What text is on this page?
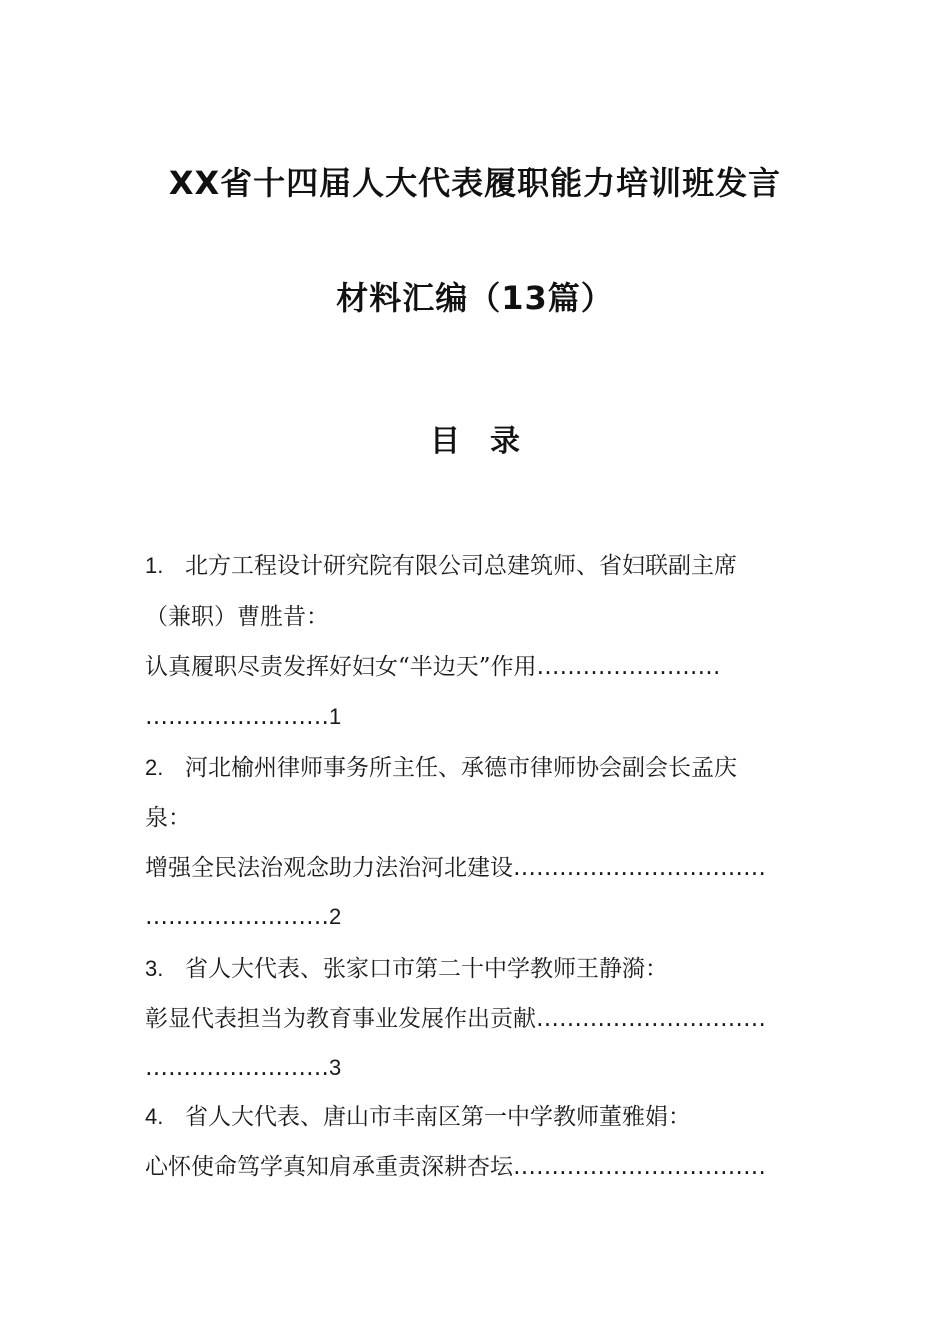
XX省十四届人大代表履职能力培训班发言
材料汇编（13篇）
目 录
1. 北方工程设计研究院有限公司总建筑师、省妇联副主席
（兼职）曹胜昔：
认真履职尽责发挥好妇女“半边天”作用……………………
……………………1
2. 河北榆州律师事务所主任、承德市律师协会副会长孟庆
泉：
增强全民法治观念助力法治河北建设……………………………
……………………2
3. 省人大代表、张家口市第二十中学教师王静漪：
彰显代表担当为教育事业发展作出贡献…………………………
……………………3
4. 省人大代表、唐山市丰南区第一中学教师董雅娟：
心怀使命笃学真知肩承重责深耕杏坛……………………………
